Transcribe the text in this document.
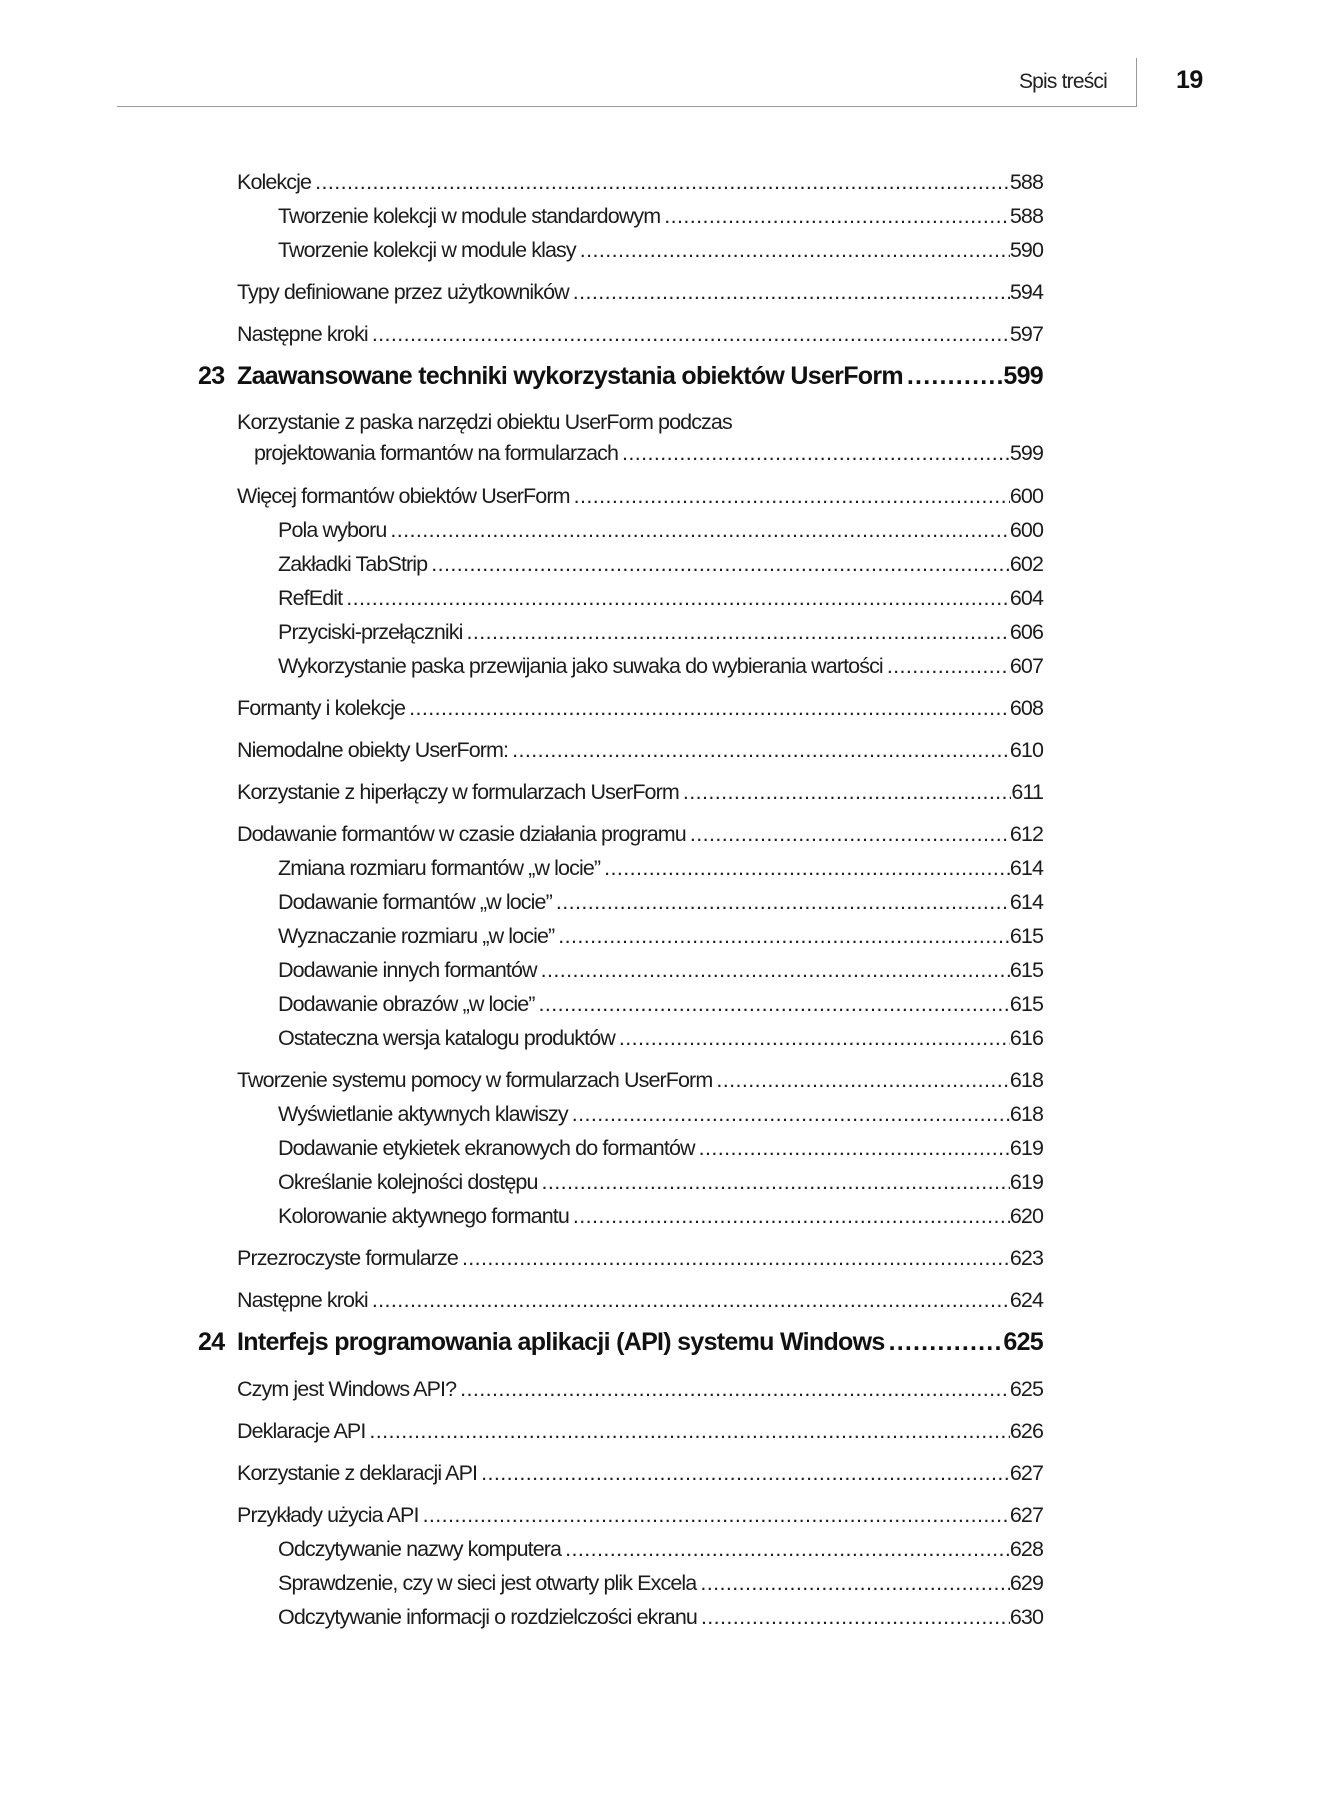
Spis treści	19
Kolekcje .....	588
Tworzenie kolekcji w module standardowym .....	588
Tworzenie kolekcji w module klasy .....	590
Typy definiowane przez użytkowników .....	594
Następne kroki .....	597
23 Zaawansowane techniki wykorzystania obiektów UserForm .....	599
Korzystanie z paska narzędzi obiektu UserForm podczas
projektowania formantów na formularzach .....	599
Więcej formantów obiektów UserForm .....	600
Pola wyboru .....	600
Zakładki TabStrip .....	602
RefEdit .....	604
Przyciski-przełączniki .....	606
Wykorzystanie paska przewijania jako suwaka do wybierania wartości .....	607
Formanty i kolekcje .....	608
Niemodalne obiekty UserForm: .....	610
Korzystanie z hiperłączy w formularzach UserForm .....	611
Dodawanie formantów w czasie działania programu .....	612
Zmiana rozmiaru formantów „w locie” .....	614
Dodawanie formantów „w locie” .....	614
Wyznaczanie rozmiaru „w locie” .....	615
Dodawanie innych formantów .....	615
Dodawanie obrazów „w locie” .....	615
Ostateczna wersja katalogu produktów .....	616
Tworzenie systemu pomocy w formularzach UserForm .....	618
Wyświetlanie aktywnych klawiszy .....	618
Dodawanie etykietek ekranowych do formantów .....	619
Określanie kolejności dostępu .....	619
Kolorowanie aktywnego formantu .....	620
Przezroczyste formularze .....	623
Następne kroki .....	624
24 Interfejs programowania aplikacji (API) systemu Windows .....	625
Czym jest Windows API? .....	625
Deklaracje API .....	626
Korzystanie z deklaracji API .....	627
Przykłady użycia API .....	627
Odczytywanie nazwy komputera .....	628
Sprawdzenie, czy w sieci jest otwarty plik Excela .....	629
Odczytywanie informacji o rozdzielczości ekranu .....	630
